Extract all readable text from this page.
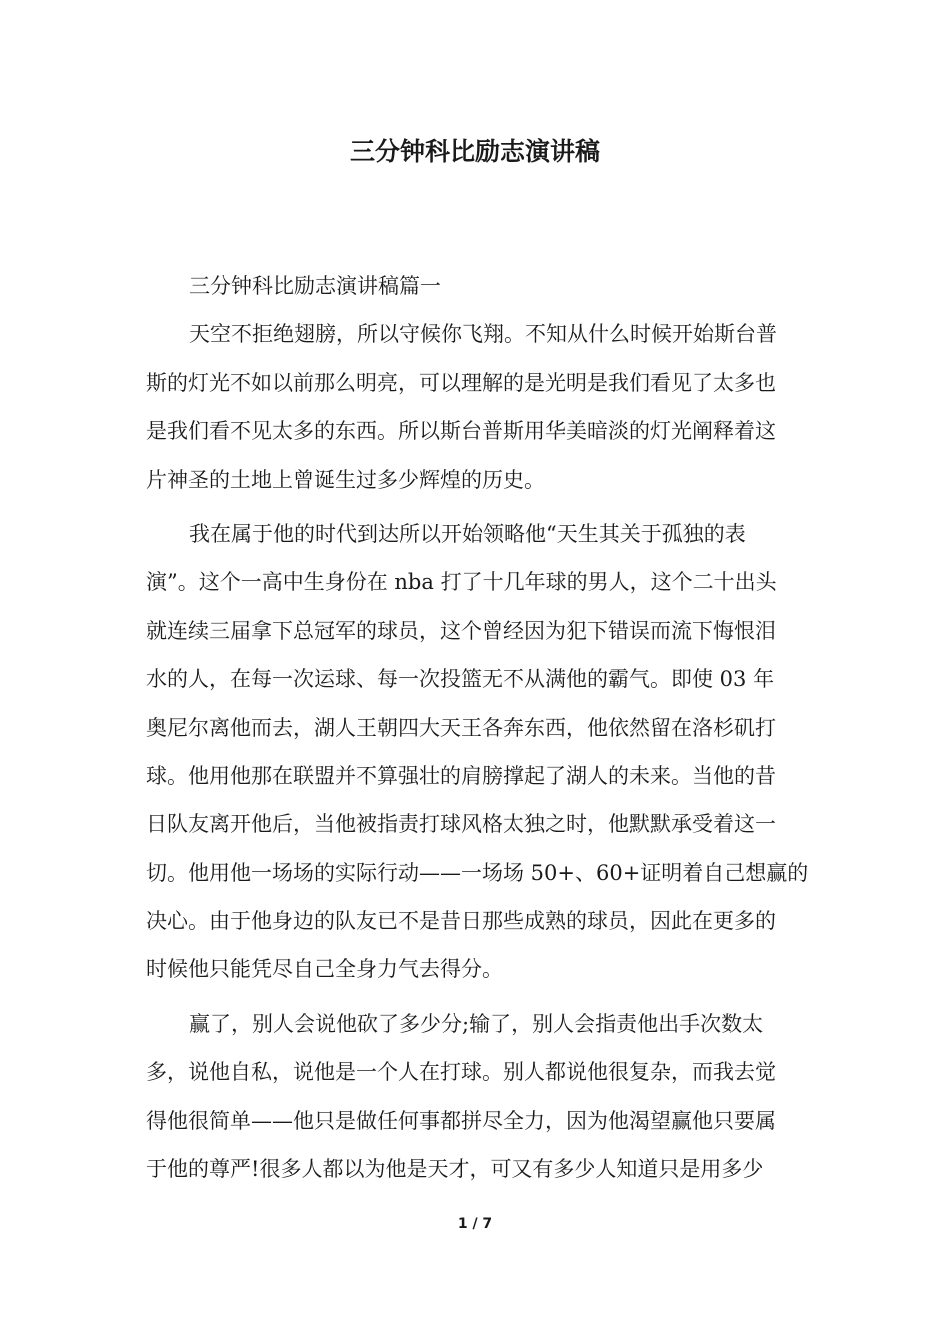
三分钟科比励志演讲稿
三分钟科比励志演讲稿篇一
天空不拒绝翅膀，所以守候你飞翔。不知从什么时候开始斯台普
斯的灯光不如以前那么明亮，可以理解的是光明是我们看见了太多也
是我们看不见太多的东西。所以斯台普斯用华美暗淡的灯光阐释着这
片神圣的土地上曾诞生过多少辉煌的历史。
我在属于他的时代到达所以开始领略他“天生其关于孤独的表
演”。这个一高中生身份在 nba 打了十几年球的男人，这个二十出头
就连续三届拿下总冠军的球员，这个曾经因为犯下错误而流下悔恨泪
水的人，在每一次运球、每一次投篮无不从满他的霸气。即使 03 年
奥尼尔离他而去，湖人王朝四大天王各奔东西，他依然留在洛杉矶打
球。他用他那在联盟并不算强壮的肩膀撑起了湖人的未来。当他的昔
日队友离开他后，当他被指责打球风格太独之时，他默默承受着这一
切。他用他一场场的实际行动——一场场 50+、60+证明着自己想赢的
决心。由于他身边的队友已不是昔日那些成熟的球员，因此在更多的
时候他只能凭尽自己全身力气去得分。
赢了，别人会说他砍了多少分;输了，别人会指责他出手次数太
多，说他自私，说他是一个人在打球。别人都说他很复杂，而我去觉
得他很简单——他只是做任何事都拼尽全力，因为他渴望赢他只要属
于他的尊严!很多人都以为他是天才，可又有多少人知道只是用多少
1 / 7
